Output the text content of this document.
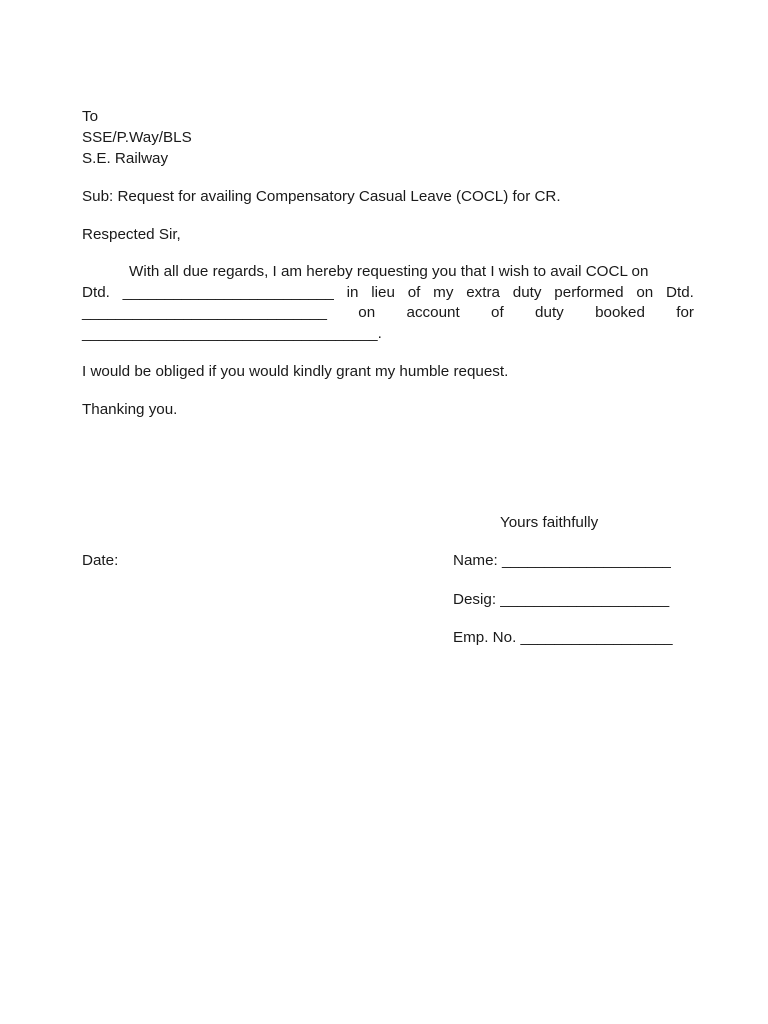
To
SSE/P.Way/BLS
S.E. Railway
Sub: Request for availing Compensatory Casual Leave (COCL) for CR.
Respected Sir,
With all due regards, I am hereby requesting you that I wish to avail COCL on
Dtd. _________________________ in lieu of my extra duty performed on Dtd.
_____________________________ on account of duty booked for
___________________________________.
I would be obliged if you would kindly grant my humble request.
Thanking you.
Yours faithfully
Date:	Name: ____________________
Desig: ____________________
Emp. No. __________________
